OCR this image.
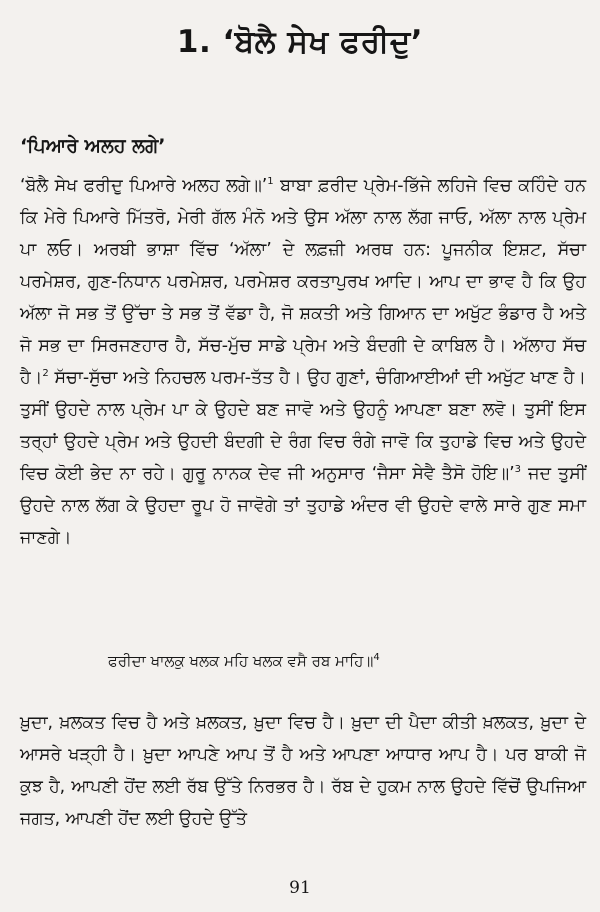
1. ‘ਬੋਲੈ ਸੇਖ ਫਰੀਦੁ’
‘ਪਿਆਰੇ ਅਲਹ ਲਗੇ’
‘ਬੋਲੈ ਸੇਖ ਫਰੀਦੁ ਪਿਆਰੇ ਅਲਹ ਲਗੇ॥’$^1$ ਬਾਬਾ ਫ਼ਰੀਦ ਪ੍ਰੇਮ-ਭਿੱਜੇ ਲਹਿਜੇ ਵਿਚ ਕਹਿੰਦੇ ਹਨ ਕਿ ਮੇਰੇ ਪਿਆਰੇ ਮਿੱਤਰੋ, ਮੇਰੀ ਗੱਲ ਮੰਨੋ ਅਤੇ ਉਸ ਅੱਲਾ ਨਾਲ ਲੱਗ ਜਾਓ, ਅੱਲਾ ਨਾਲ ਪ੍ਰੇਮ ਪਾ ਲਓ। ਅਰਬੀ ਭਾਸ਼ਾ ਵਿੱਚ ‘ਅੱਲਾ’ ਦੇ ਲਫ਼ਜ਼ੀ ਅਰਥ ਹਨ: ਪੂਜਨੀਕ ਇਸ਼ਟ, ਸੱਚਾ ਪਰਮੇਸ਼ਰ, ਗੁਣ-ਨਿਧਾਨ ਪਰਮੇਸ਼ਰ, ਪਰਮੇਸ਼ਰ ਕਰਤਾਪੁਰਖ ਆਦਿ। ਆਪ ਦਾ ਭਾਵ ਹੈ ਕਿ ਉਹ ਅੱਲਾ ਜੋ ਸਭ ਤੋਂ ਉੱਚਾ ਤੇ ਸਭ ਤੋਂ ਵੱਡਾ ਹੈ, ਜੋ ਸ਼ਕਤੀ ਅਤੇ ਗਿਆਨ ਦਾ ਅਖੁੱਟ ਭੰਡਾਰ ਹੈ ਅਤੇ ਜੋ ਸਭ ਦਾ ਸਿਰਜਣਹਾਰ ਹੈ, ਸੱਚ-ਮੁੱਚ ਸਾਡੇ ਪ੍ਰੇਮ ਅਤੇ ਬੰਦਗੀ ਦੇ ਕਾਬਿਲ ਹੈ। ਅੱਲਾਹ ਸੱਚ ਹੈ।$^2$ ਸੱਚਾ-ਸੁੱਚਾ ਅਤੇ ਨਿਹਚਲ ਪਰਮ-ਤੱਤ ਹੈ। ਉਹ ਗੁਣਾਂ, ਚੰਗਿਆਈਆਂ ਦੀ ਅਖੁੱਟ ਖਾਣ ਹੈ। ਤੁਸੀਂ ਉਹਦੇ ਨਾਲ ਪ੍ਰੇਮ ਪਾ ਕੇ ਉਹਦੇ ਬਣ ਜਾਵੋ ਅਤੇ ਉਹਨੂੰ ਆਪਣਾ ਬਣਾ ਲਵੋ। ਤੁਸੀਂ ਇਸ ਤਰ੍ਹਾਂ ਉਹਦੇ ਪ੍ਰੇਮ ਅਤੇ ਉਹਦੀ ਬੰਦਗੀ ਦੇ ਰੰਗ ਵਿਚ ਰੰਗੇ ਜਾਵੋ ਕਿ ਤੁਹਾਡੇ ਵਿਚ ਅਤੇ ਉਹਦੇ ਵਿਚ ਕੋਈ ਭੇਦ ਨਾ ਰਹੇ। ਗੁਰੂ ਨਾਨਕ ਦੇਵ ਜੀ ਅਨੁਸਾਰ ‘ਜੈਸਾ ਸੇਵੈ ਤੈਸੋ ਹੋਇ॥’$^3$ ਜਦ ਤੁਸੀਂ ਉਹਦੇ ਨਾਲ ਲੱਗ ਕੇ ਉਹਦਾ ਰੂਪ ਹੋ ਜਾਵੋਗੇ ਤਾਂ ਤੁਹਾਡੇ ਅੰਦਰ ਵੀ ਉਹਦੇ ਵਾਲੇ ਸਾਰੇ ਗੁਣ ਸਮਾ ਜਾਣਗੇ।
ਫਰੀਦਾ ਖਾਲਕੁ ਖਲਕ ਮਹਿ ਖਲਕ ਵਸੈ ਰਬ ਮਾਹਿ॥$^4$
ਖ਼ੁਦਾ, ਖ਼ਲਕਤ ਵਿਚ ਹੈ ਅਤੇ ਖ਼ਲਕਤ, ਖ਼ੁਦਾ ਵਿਚ ਹੈ। ਖ਼ੁਦਾ ਦੀ ਪੈਦਾ ਕੀਤੀ ਖ਼ਲਕਤ, ਖ਼ੁਦਾ ਦੇ ਆਸਰੇ ਖੜ੍ਹੀ ਹੈ। ਖ਼ੁਦਾ ਆਪਣੇ ਆਪ ਤੋਂ ਹੈ ਅਤੇ ਆਪਣਾ ਆਧਾਰ ਆਪ ਹੈ। ਪਰ ਬਾਕੀ ਜੋ ਕੁਝ ਹੈ, ਆਪਣੀ ਹੋਂਦ ਲਈ ਰੱਬ ਉੱਤੇ ਨਿਰਭਰ ਹੈ। ਰੱਬ ਦੇ ਹੁਕਮ ਨਾਲ ਉਹਦੇ ਵਿੱਚੋਂ ਉਪਜਿਆ ਜਗਤ, ਆਪਣੀ ਹੋਂਦ ਲਈ ਉਹਦੇ ਉੱਤੇ
91
